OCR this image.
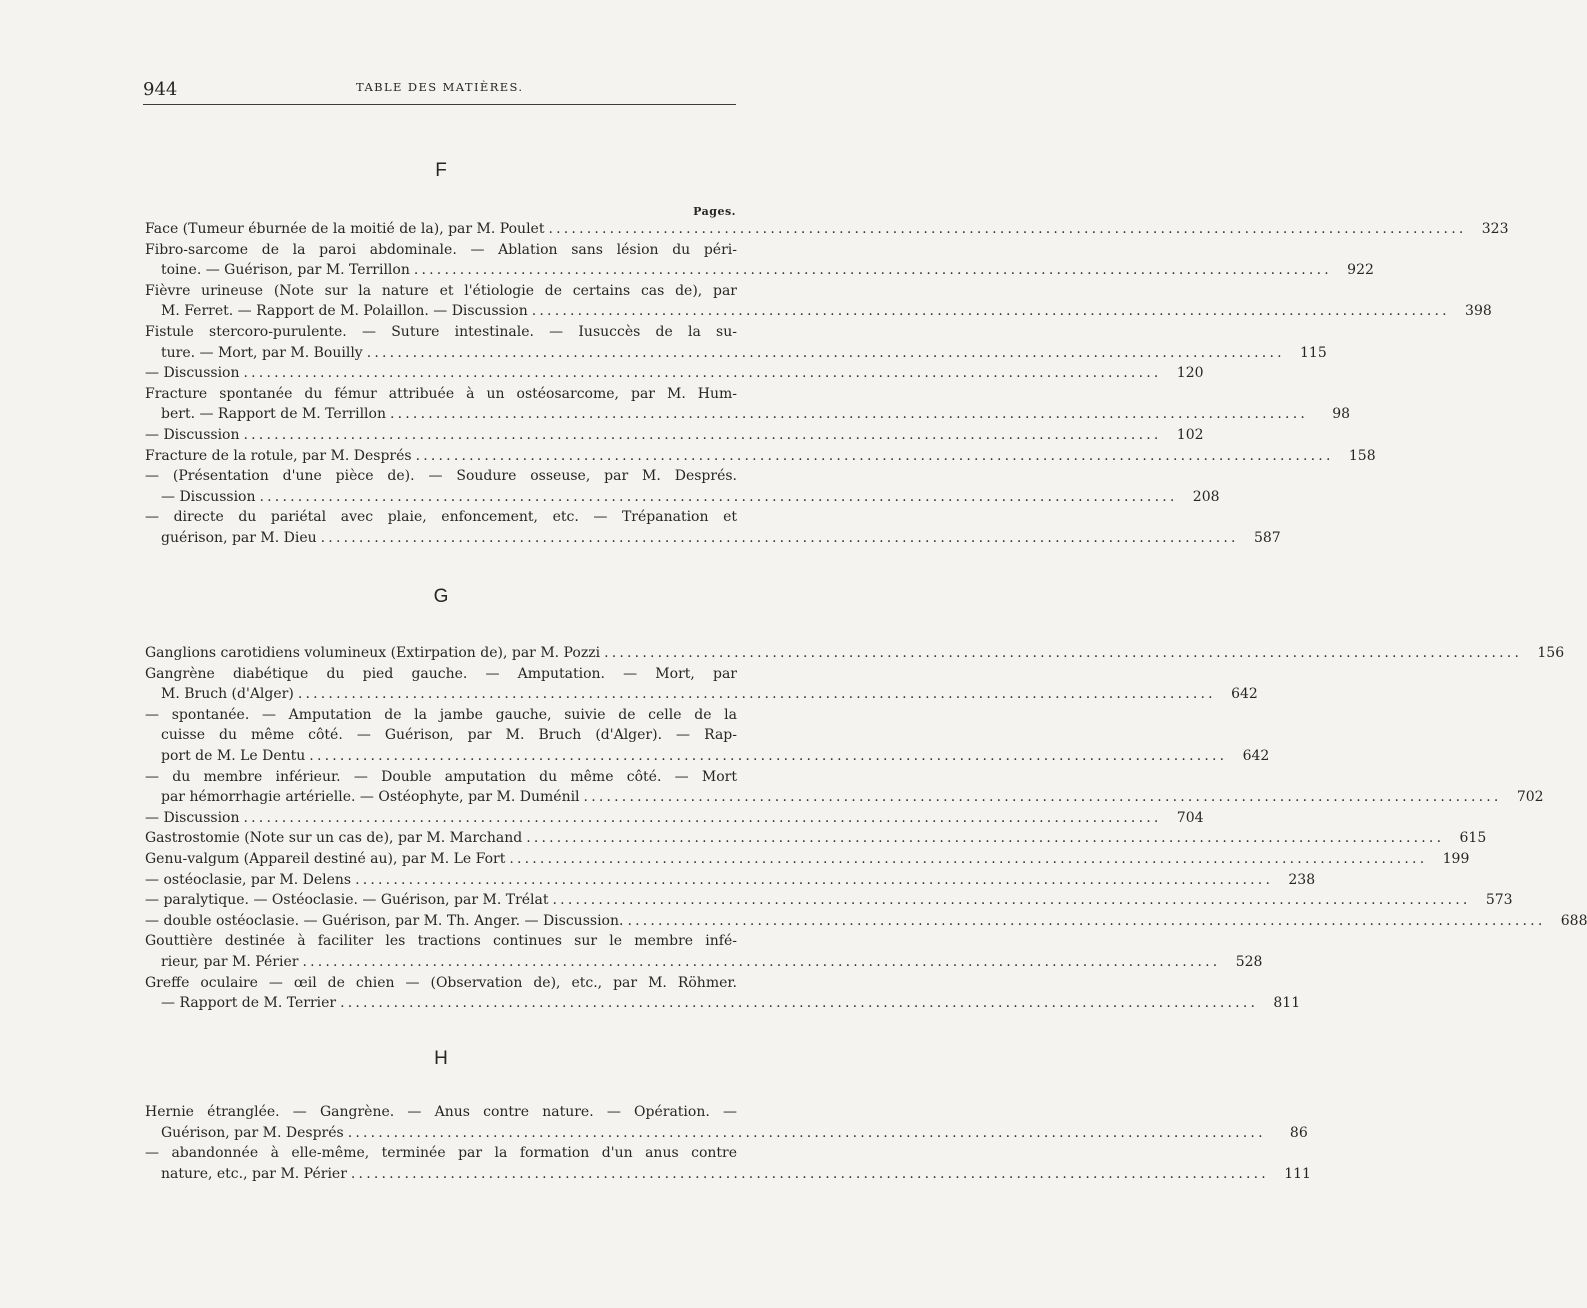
944	TABLE DES MATIÈRES.
F
Pages.
Face (Tumeur éburnée de la moitié de la), par M. Poulet ........................................................................................................................	323
Fibro-sarcome de la paroi abdominale. — Ablation sans lésion du péri-
toine. — Guérison, par M. Terrillon ........................................................................................................................	922
Fièvre urineuse (Note sur la nature et l'étiologie de certains cas de), par
M. Ferret. — Rapport de M. Polaillon. — Discussion ........................................................................................................................	398
Fistule stercoro-purulente. — Suture intestinale. — Iusuccès de la su-
ture. — Mort, par M. Bouilly ........................................................................................................................	115
— Discussion ........................................................................................................................	120
Fracture spontanée du fémur attribuée à un ostéosarcome, par M. Hum-
bert. — Rapport de M. Terrillon ........................................................................................................................	98
— Discussion ........................................................................................................................	102
Fracture de la rotule, par M. Després ........................................................................................................................	158
— (Présentation d'une pièce de). — Soudure osseuse, par M. Després.
— Discussion ........................................................................................................................	208
— directe du pariétal avec plaie, enfoncement, etc. — Trépanation et
guérison, par M. Dieu ........................................................................................................................	587
G
Ganglions carotidiens volumineux (Extirpation de), par M. Pozzi ........................................................................................................................	156
Gangrène diabétique du pied gauche. — Amputation. — Mort, par
M. Bruch (d'Alger) ........................................................................................................................	642
— spontanée. — Amputation de la jambe gauche, suivie de celle de la
cuisse du même côté. — Guérison, par M. Bruch (d'Alger). — Rap-
port de M. Le Dentu ........................................................................................................................	642
— du membre inférieur. — Double amputation du même côté. — Mort
par hémorrhagie artérielle. — Ostéophyte, par M. Duménil ........................................................................................................................	702
— Discussion ........................................................................................................................	704
Gastrostomie (Note sur un cas de), par M. Marchand ........................................................................................................................	615
Genu-valgum (Appareil destiné au), par M. Le Fort ........................................................................................................................	199
— ostéoclasie, par M. Delens ........................................................................................................................	238
— paralytique. — Ostéoclasie. — Guérison, par M. Trélat ........................................................................................................................	573
— double ostéoclasie. — Guérison, par M. Th. Anger. — Discussion. ........................................................................................................................	688
Gouttière destinée à faciliter les tractions continues sur le membre infé-
rieur, par M. Périer ........................................................................................................................	528
Greffe oculaire — œil de chien — (Observation de), etc., par M. Röhmer.
— Rapport de M. Terrier ........................................................................................................................	811
H
Hernie étranglée. — Gangrène. — Anus contre nature. — Opération. —
Guérison, par M. Després ........................................................................................................................	86
— abandonnée à elle-même, terminée par la formation d'un anus contre
nature, etc., par M. Périer ........................................................................................................................	111
